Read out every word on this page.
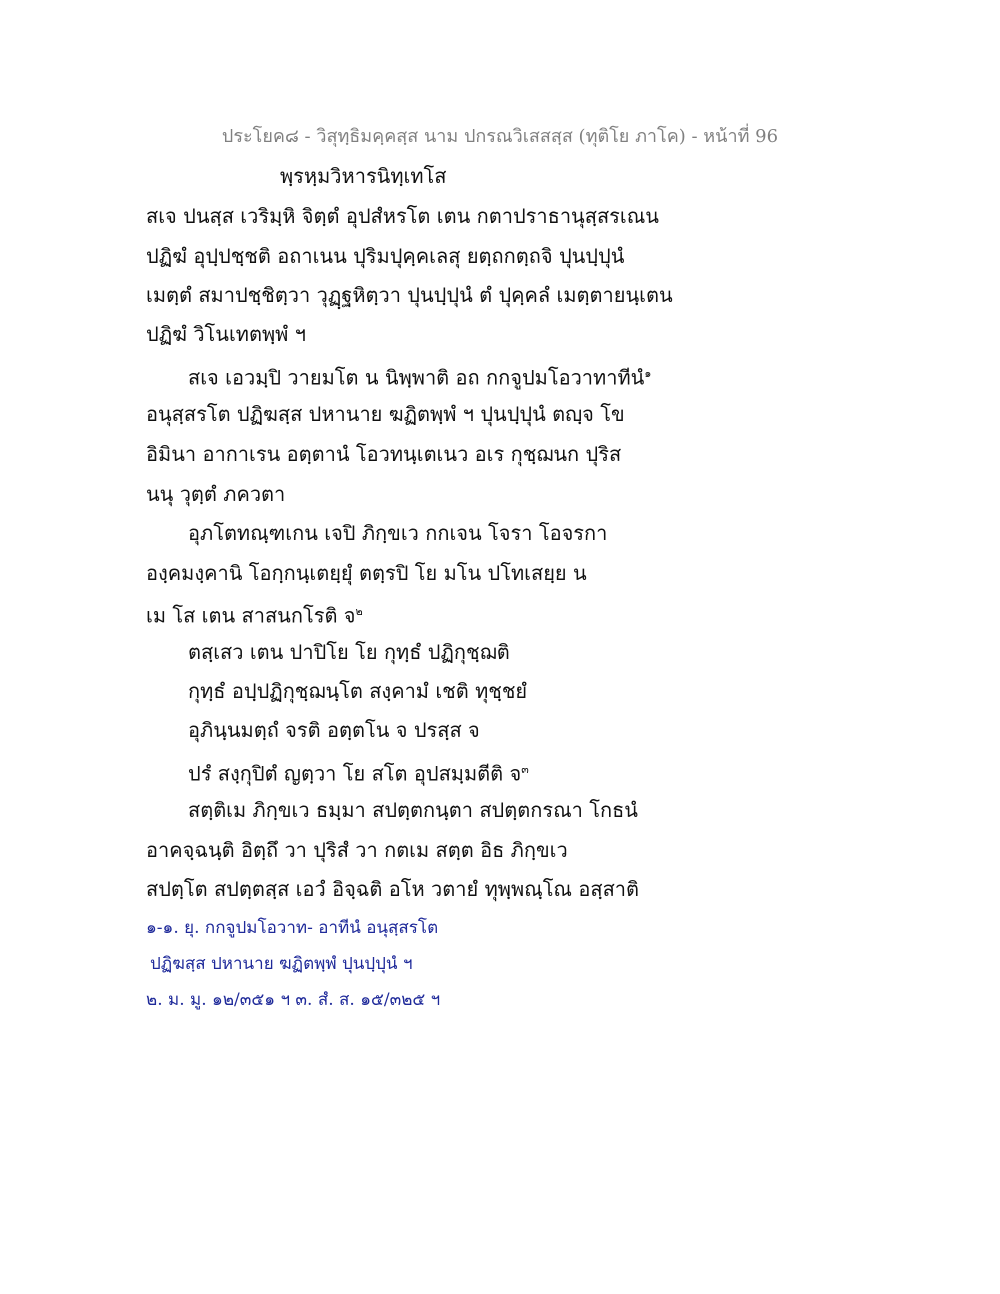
ประโยค๘ - วิสุทฺธิมคฺคสฺส นาม ปกรณวิเสสสฺส (ทุติโย ภาโค) - หน้าที่ 96
พฺรหฺมวิหารนิทฺเทโส
สเจ ปนสฺส เวริมฺหิ จิตฺตํ อุปสํหรโต เตน กตาปราธานุสฺสรเณน
ปฏิฆํ อุปฺปชฺชติ อถาเนน ปุริมปุคฺคเลสุ ยตฺถกตฺถจิ ปุนปฺปุนํ
เมตฺตํ สมาปชฺชิตฺวา วุฏฺฐหิตฺวา ปุนปฺปุนํ ตํ ปุคฺคลํ เมตฺตายนฺเตน
ปฏิฆํ วิโนเทตพฺพํ ฯ
สเจ เอวมฺปิ วายมโต น นิพฺพาติ อถ กกจูปมโอวาทาทีนํ$^๑$
อนุสฺสรโต ปฏิฆสฺส ปหานาย ฆฏิตพฺพํ ฯ ปุนปฺปุนํ ตญฺจ โข
อิมินา อากาเรน อตฺตานํ โอวทนฺเตเนว อเร กุชฺฌนก ปุริส
นนุ วุตฺตํ ภควตา
อุภโตทณฺฑเกน เจปิ ภิกฺขเว กกเจน โจรา โอจรกา
องฺคมงฺคานิ โอกฺกนฺเตยฺยุํ ตตฺรปิ โย มโน ปโทเสยฺย น
เม โส เตน สาสนกโรติ จ$^๒$
ตสฺเสว เตน ปาปิโย โย กุทฺธํ ปฏิกุชฺฌติ
กุทฺธํ อปฺปฏิกุชฺฌนฺโต สงฺคามํ เชติ ทุชฺชยํ
อุภินฺนมตฺถํ จรติ อตฺตโน จ ปรสฺส จ
ปรํ สงฺกุปิตํ ญตฺวา โย สโต อุปสมฺมตีติ จ$^๓$
สตฺติเม ภิกฺขเว ธมฺมา สปตฺตกนฺตา สปตฺตกรณา โกธนํ
อาคจฺฉนฺติ อิตฺถึ วา ปุริสํ วา กตเม สตฺต อิธ ภิกฺขเว
สปตฺโต สปตฺตสฺส เอวํ อิจฺฉติ อโห วตายํ ทุพฺพณฺโณ อสฺสาติ
๑-๑. ยุ. กกจูปมโอวาท- อาทีนํ อนุสฺสรโต
ปฏิฆสฺส ปหานาย ฆฏิตพฺพํ ปุนปฺปุนํ ฯ
๒. ม. มู. ๑๒/๓๕๑ ฯ ๓. สํ. ส. ๑๕/๓๒๕ ฯ
